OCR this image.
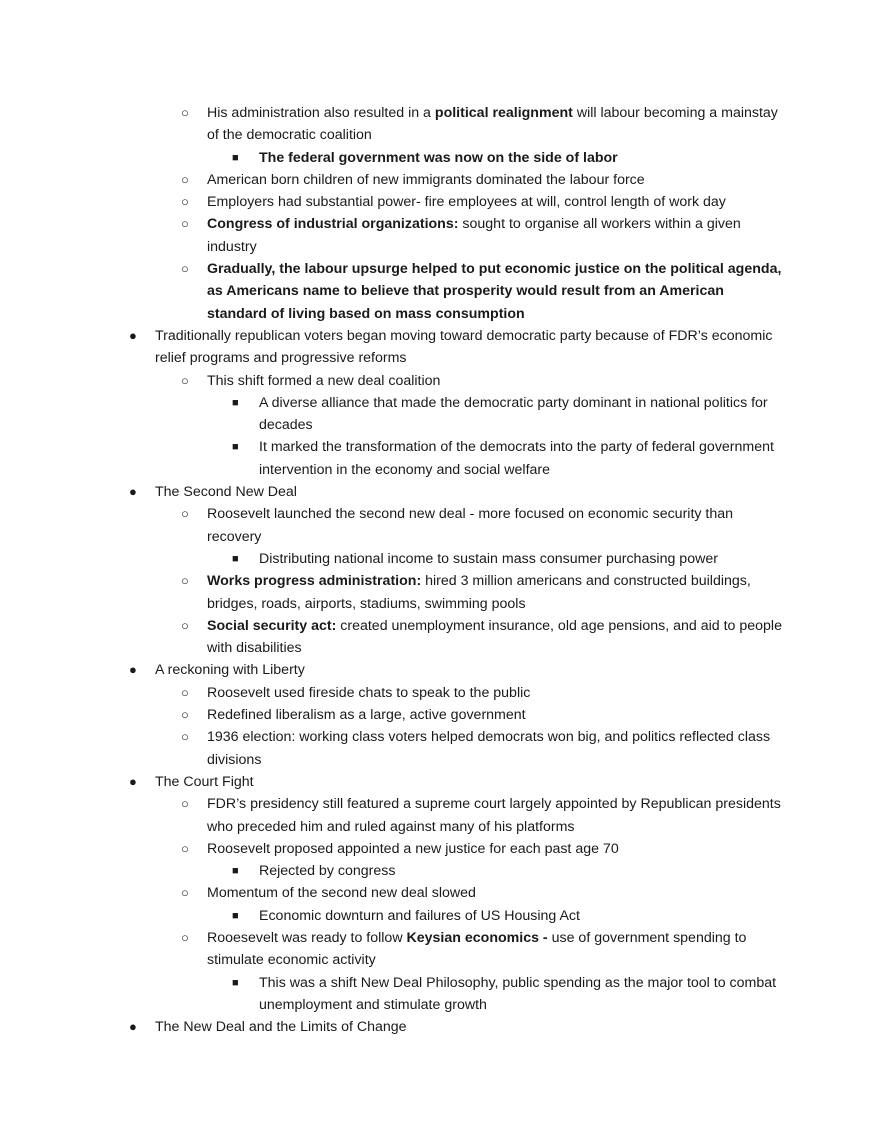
○ His administration also resulted in a political realignment will labour becoming a mainstay of the democratic coalition
■ The federal government was now on the side of labor
○ American born children of new immigrants dominated the labour force
○ Employers had substantial power- fire employees at will, control length of work day
○ Congress of industrial organizations: sought to organise all workers within a given industry
○ Gradually, the labour upsurge helped to put economic justice on the political agenda, as Americans name to believe that prosperity would result from an American standard of living based on mass consumption
● Traditionally republican voters began moving toward democratic party because of FDR’s economic relief programs and progressive reforms
○ This shift formed a new deal coalition
■ A diverse alliance that made the democratic party dominant in national politics for decades
■ It marked the transformation of the democrats into the party of federal government intervention in the economy and social welfare
● The Second New Deal
○ Roosevelt launched the second new deal - more focused on economic security than recovery
■ Distributing national income to sustain mass consumer purchasing power
○ Works progress administration: hired 3 million americans and constructed buildings, bridges, roads, airports, stadiums, swimming pools
○ Social security act: created unemployment insurance, old age pensions, and aid to people with disabilities
● A reckoning with Liberty
○ Roosevelt used fireside chats to speak to the public
○ Redefined liberalism as a large, active government
○ 1936 election: working class voters helped democrats won big, and politics reflected class divisions
● The Court Fight
○ FDR’s presidency still featured a supreme court largely appointed by Republican presidents who preceded him and ruled against many of his platforms
○ Roosevelt proposed appointed a new justice for each past age 70
■ Rejected by congress
○ Momentum of the second new deal slowed
■ Economic downturn and failures of US Housing Act
○ Rooesevelt was ready to follow Keysian economics - use of government spending to stimulate economic activity
■ This was a shift New Deal Philosophy, public spending as the major tool to combat unemployment and stimulate growth
● The New Deal and the Limits of Change
